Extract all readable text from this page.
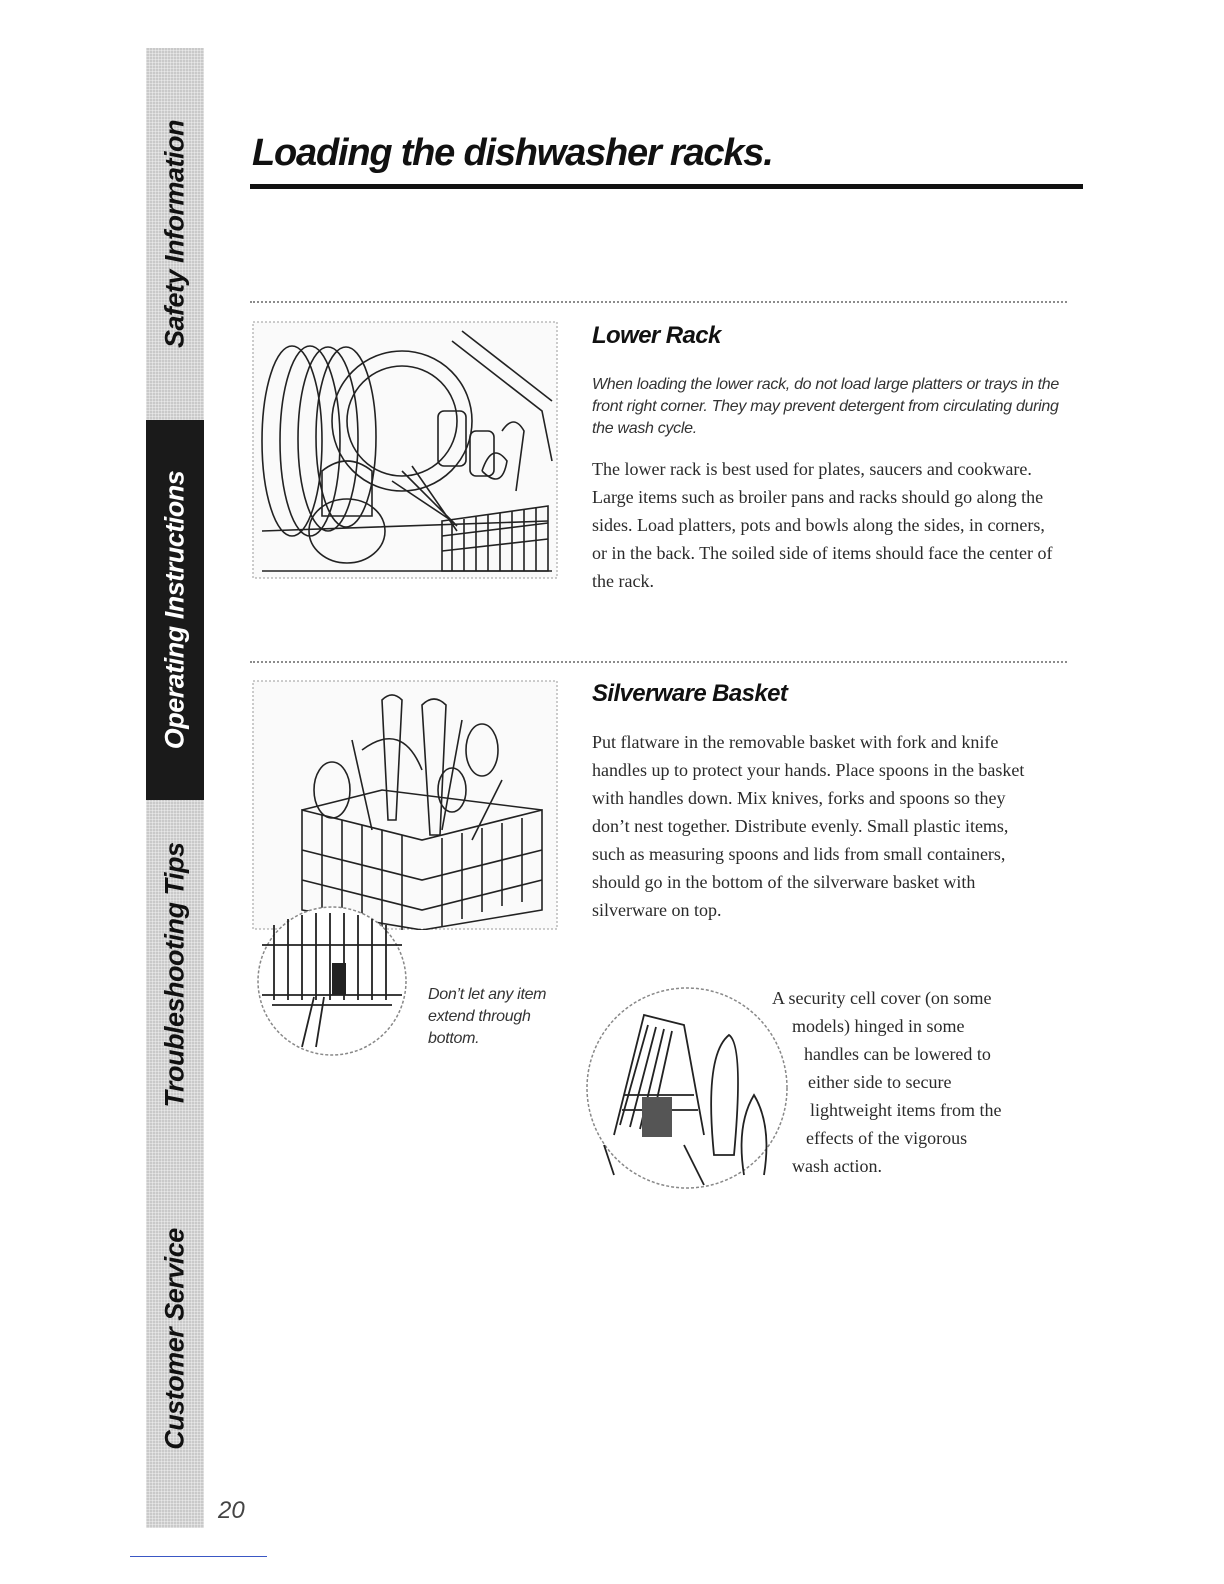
Safety Information
Operating Instructions
Troubleshooting Tips
Customer Service
Loading the dishwasher racks.
Lower Rack

When loading the lower rack, do not load large platters or trays in the front right corner. They may prevent detergent from circulating during the wash cycle.

The lower rack is best used for plates, saucers and cookware. Large items such as broiler pans and racks should go along the sides. Load platters, pots and bowls along the sides, in corners, or in the back. The soiled side of items should face the center of the rack.

Don’t let any item extend through bottom.

Silverware Basket

Put flatware in the removable basket with fork and knife handles up to protect your hands. Place spoons in the basket with handles down. Mix knives, forks and spoons so they don’t nest together. Distribute evenly. Small plastic items, such as measuring spoons and lids from small containers, should go in the bottom of the silverware basket with silverware on top.

A security cell cover (on some

models) hinged in some

handles can be lowered to

either side to secure

lightweight items from the

effects of the vigorous

wash action.

20
